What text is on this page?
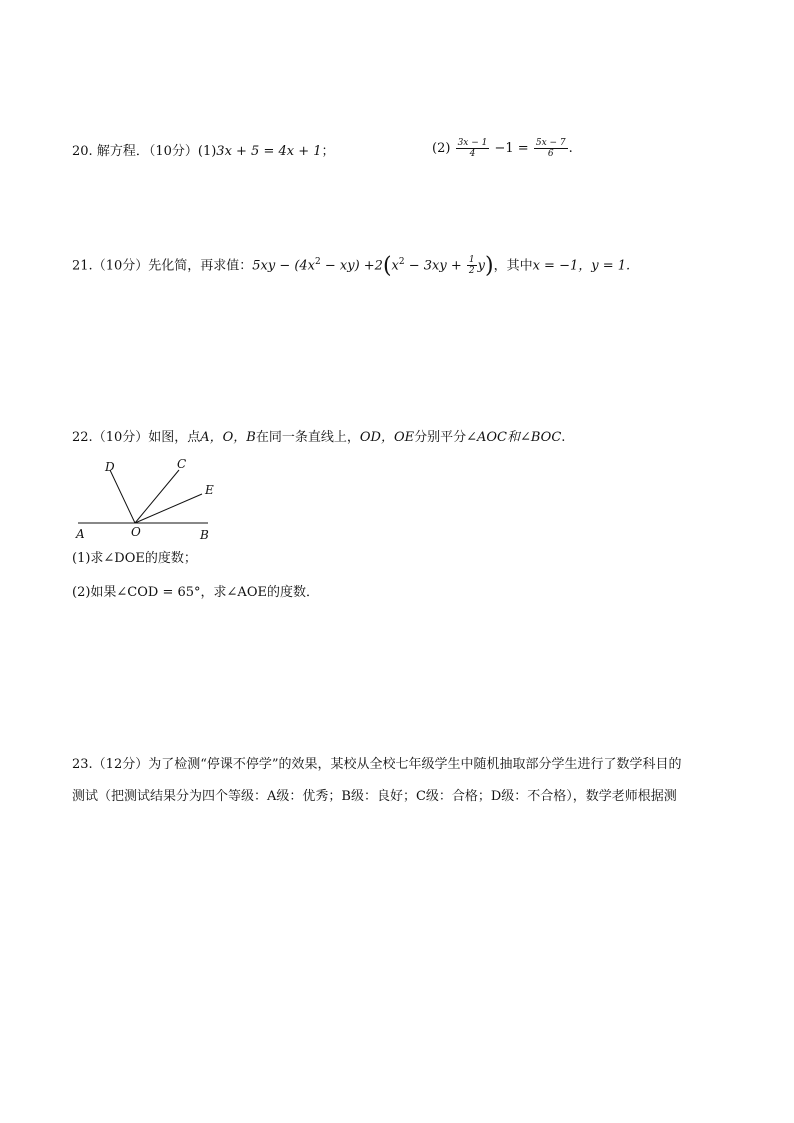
20. 解方程．（10分）(1)3x + 5 = 4x + 1；	$(2) \frac{3x - 1}{4} -1 = \frac{5x - 7}{6}$ .
21.（10分）先化简，再求值：$5xy - (4x^2 - xy) +2(x^2 - 3xy + \frac{1}{2} y)$，其中x = −1，y = 1.
22.（10分）如图，点A，O，B在同一条直线上，OD，OE分别平分∠AOC和∠BOC.
A	O	B
C
D
E
(1)求∠DOE的度数；
(2)如果∠COD = 65°，求∠AOE的度数．
23.（12分）为了检测“停课不停学”的效果，某校从全校七年级学生中随机抽取部分学生进行了数学科目的
测试（把测试结果分为四个等级：A级：优秀；B级：良好；C级：合格；D级：不合格），数学老师根据测
